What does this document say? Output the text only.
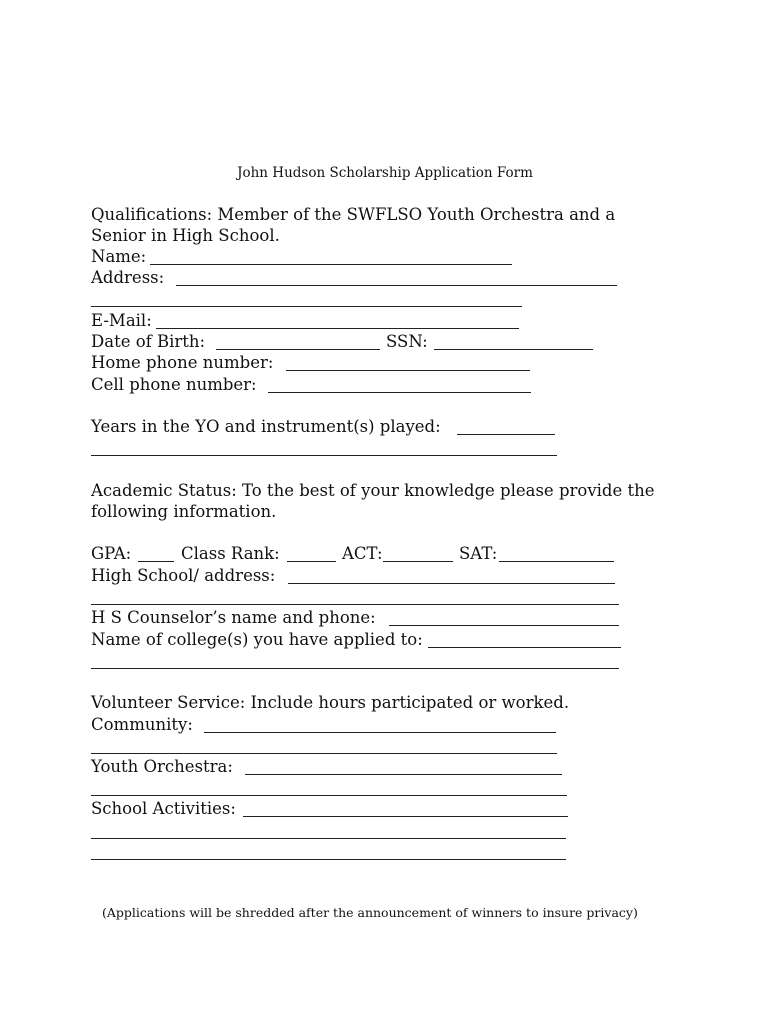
John Hudson Scholarship Application Form
Qualifications: Member of the SWFLSO Youth Orchestra and a
Senior in High School.
Name:
Address:
E-Mail:
Date of Birth:	SSN:
Home phone number:
Cell phone number:
Years in the YO and instrument(s) played:
Academic Status: To the best of your knowledge please provide the
following information.
GPA:	Class Rank:	ACT:	SAT:
High School/ address:
H S Counselor’s name and phone:
Name of college(s) you have applied to:
Volunteer Service: Include hours participated or worked.
Community:
Youth Orchestra:
School Activities:
(Applications will be shredded after the announcement of winners to insure privacy)
